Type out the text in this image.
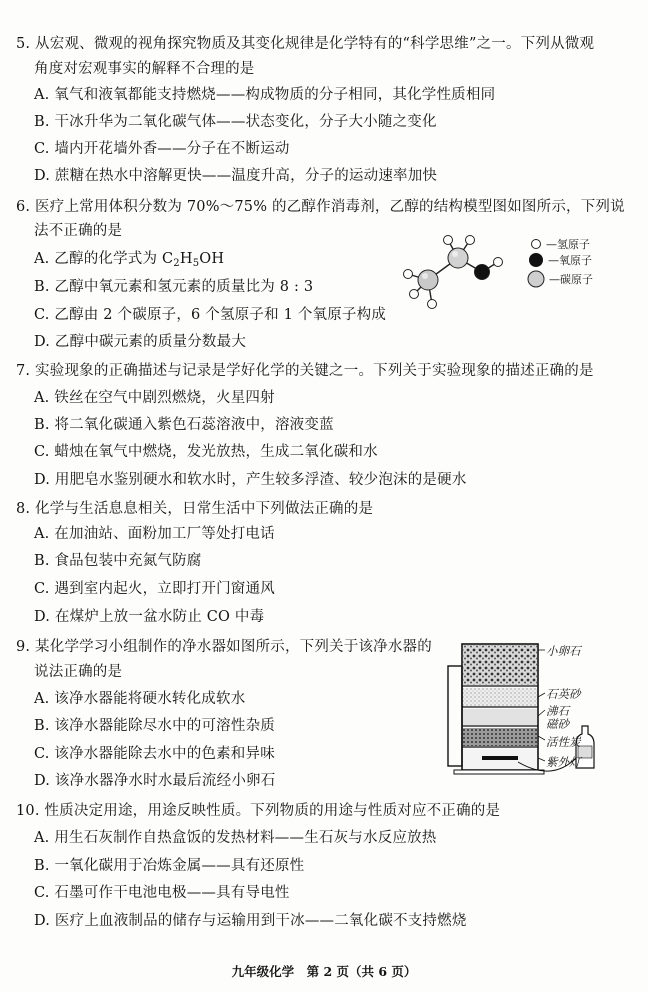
5. 从宏观、微观的视角探究物质及其变化规律是化学特有的“科学思维”之一。下列从微观
角度对宏观事实的解释不合理的是
A. 氧气和液氧都能支持燃烧——构成物质的分子相同，其化学性质相同
B. 干冰升华为二氧化碳气体——状态变化，分子大小随之变化
C. 墙内开花墙外香——分子在不断运动
D. 蔗糖在热水中溶解更快——温度升高，分子的运动速率加快
6. 医疗上常用体积分数为 70%～75% 的乙醇作消毒剂，乙醇的结构模型图如图所示，下列说
法不正确的是
A. 乙醇的化学式为 $C_2H_5OH$
B. 乙醇中氧元素和氢元素的质量比为 8 : 3
C. 乙醇由 2 个碳原子，6 个氢原子和 1 个氧原子构成
D. 乙醇中碳元素的质量分数最大
—氢原子
—氧原子
—碳原子
7. 实验现象的正确描述与记录是学好化学的关键之一。下列关于实验现象的描述正确的是
A. 铁丝在空气中剧烈燃烧，火星四射
B. 将二氧化碳通入紫色石蕊溶液中，溶液变蓝
C. 蜡烛在氧气中燃烧，发光放热，生成二氧化碳和水
D. 用肥皂水鉴别硬水和软水时，产生较多浮渣、较少泡沫的是硬水
8. 化学与生活息息相关，日常生活中下列做法正确的是
A. 在加油站、面粉加工厂等处打电话
B. 食品包装中充氮气防腐
C. 遇到室内起火，立即打开门窗通风
D. 在煤炉上放一盆水防止 CO 中毒
9. 某化学学习小组制作的净水器如图所示，下列关于该净水器的
说法正确的是
A. 该净水器能将硬水转化成软水
B. 该净水器能除尽水中的可溶性杂质
C. 该净水器能除去水中的色素和异味
D. 该净水器净水时水最后流经小卵石
小卵石
石英砂
沸石
磁砂
活性炭
紫外灯
10. 性质决定用途，用途反映性质。下列物质的用途与性质对应不正确的是
A. 用生石灰制作自热盒饭的发热材料——生石灰与水反应放热
B. 一氧化碳用于冶炼金属——具有还原性
C. 石墨可作干电池电极——具有导电性
D. 医疗上血液制品的储存与运输用到干冰——二氧化碳不支持燃烧
九年级化学　第 2 页（共 6 页）
